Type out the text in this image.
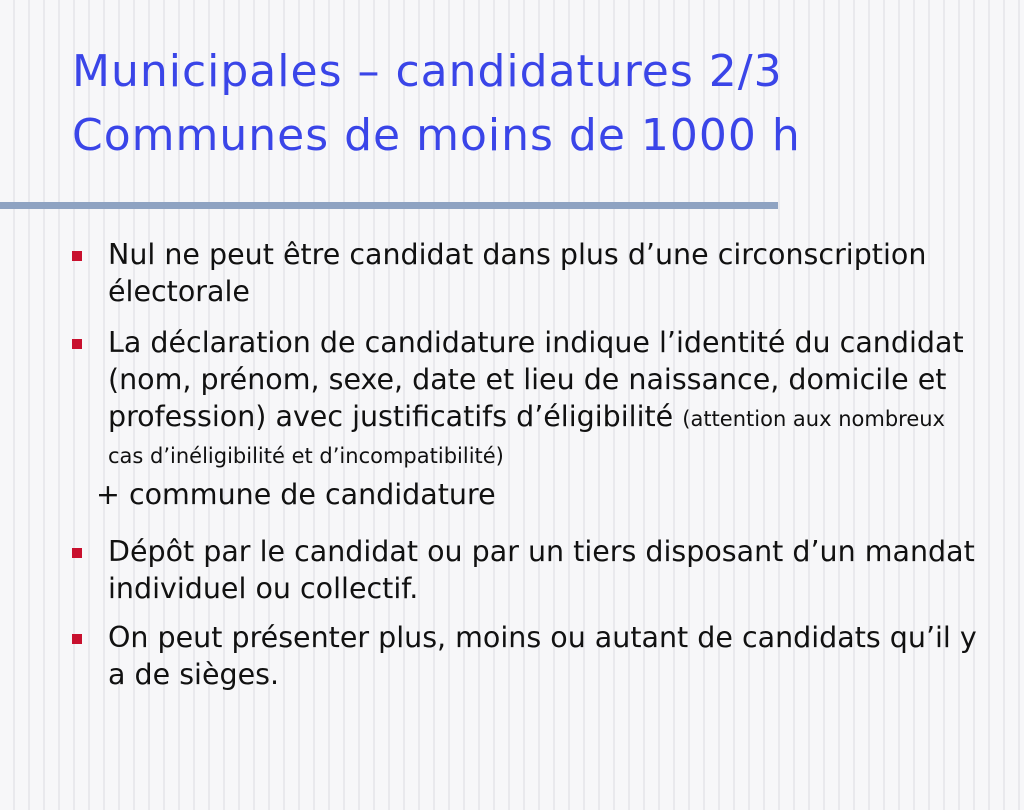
Municipales – candidatures 2/3
Communes de moins de 1000 h

Nul ne peut être candidat dans plus d’une circonscription électorale

La déclaration de candidature indique l’identité du candidat (nom, prénom, sexe, date et lieu de naissance, domicile et profession) avec justificatifs d’éligibilité (attention aux nombreux cas d’inéligibilité et d’incompatibilité)

+ commune de candidature

Dépôt par le candidat ou par un tiers disposant d’un mandat individuel ou collectif.

On peut présenter plus, moins ou autant de candidats qu’il y a de sièges.
